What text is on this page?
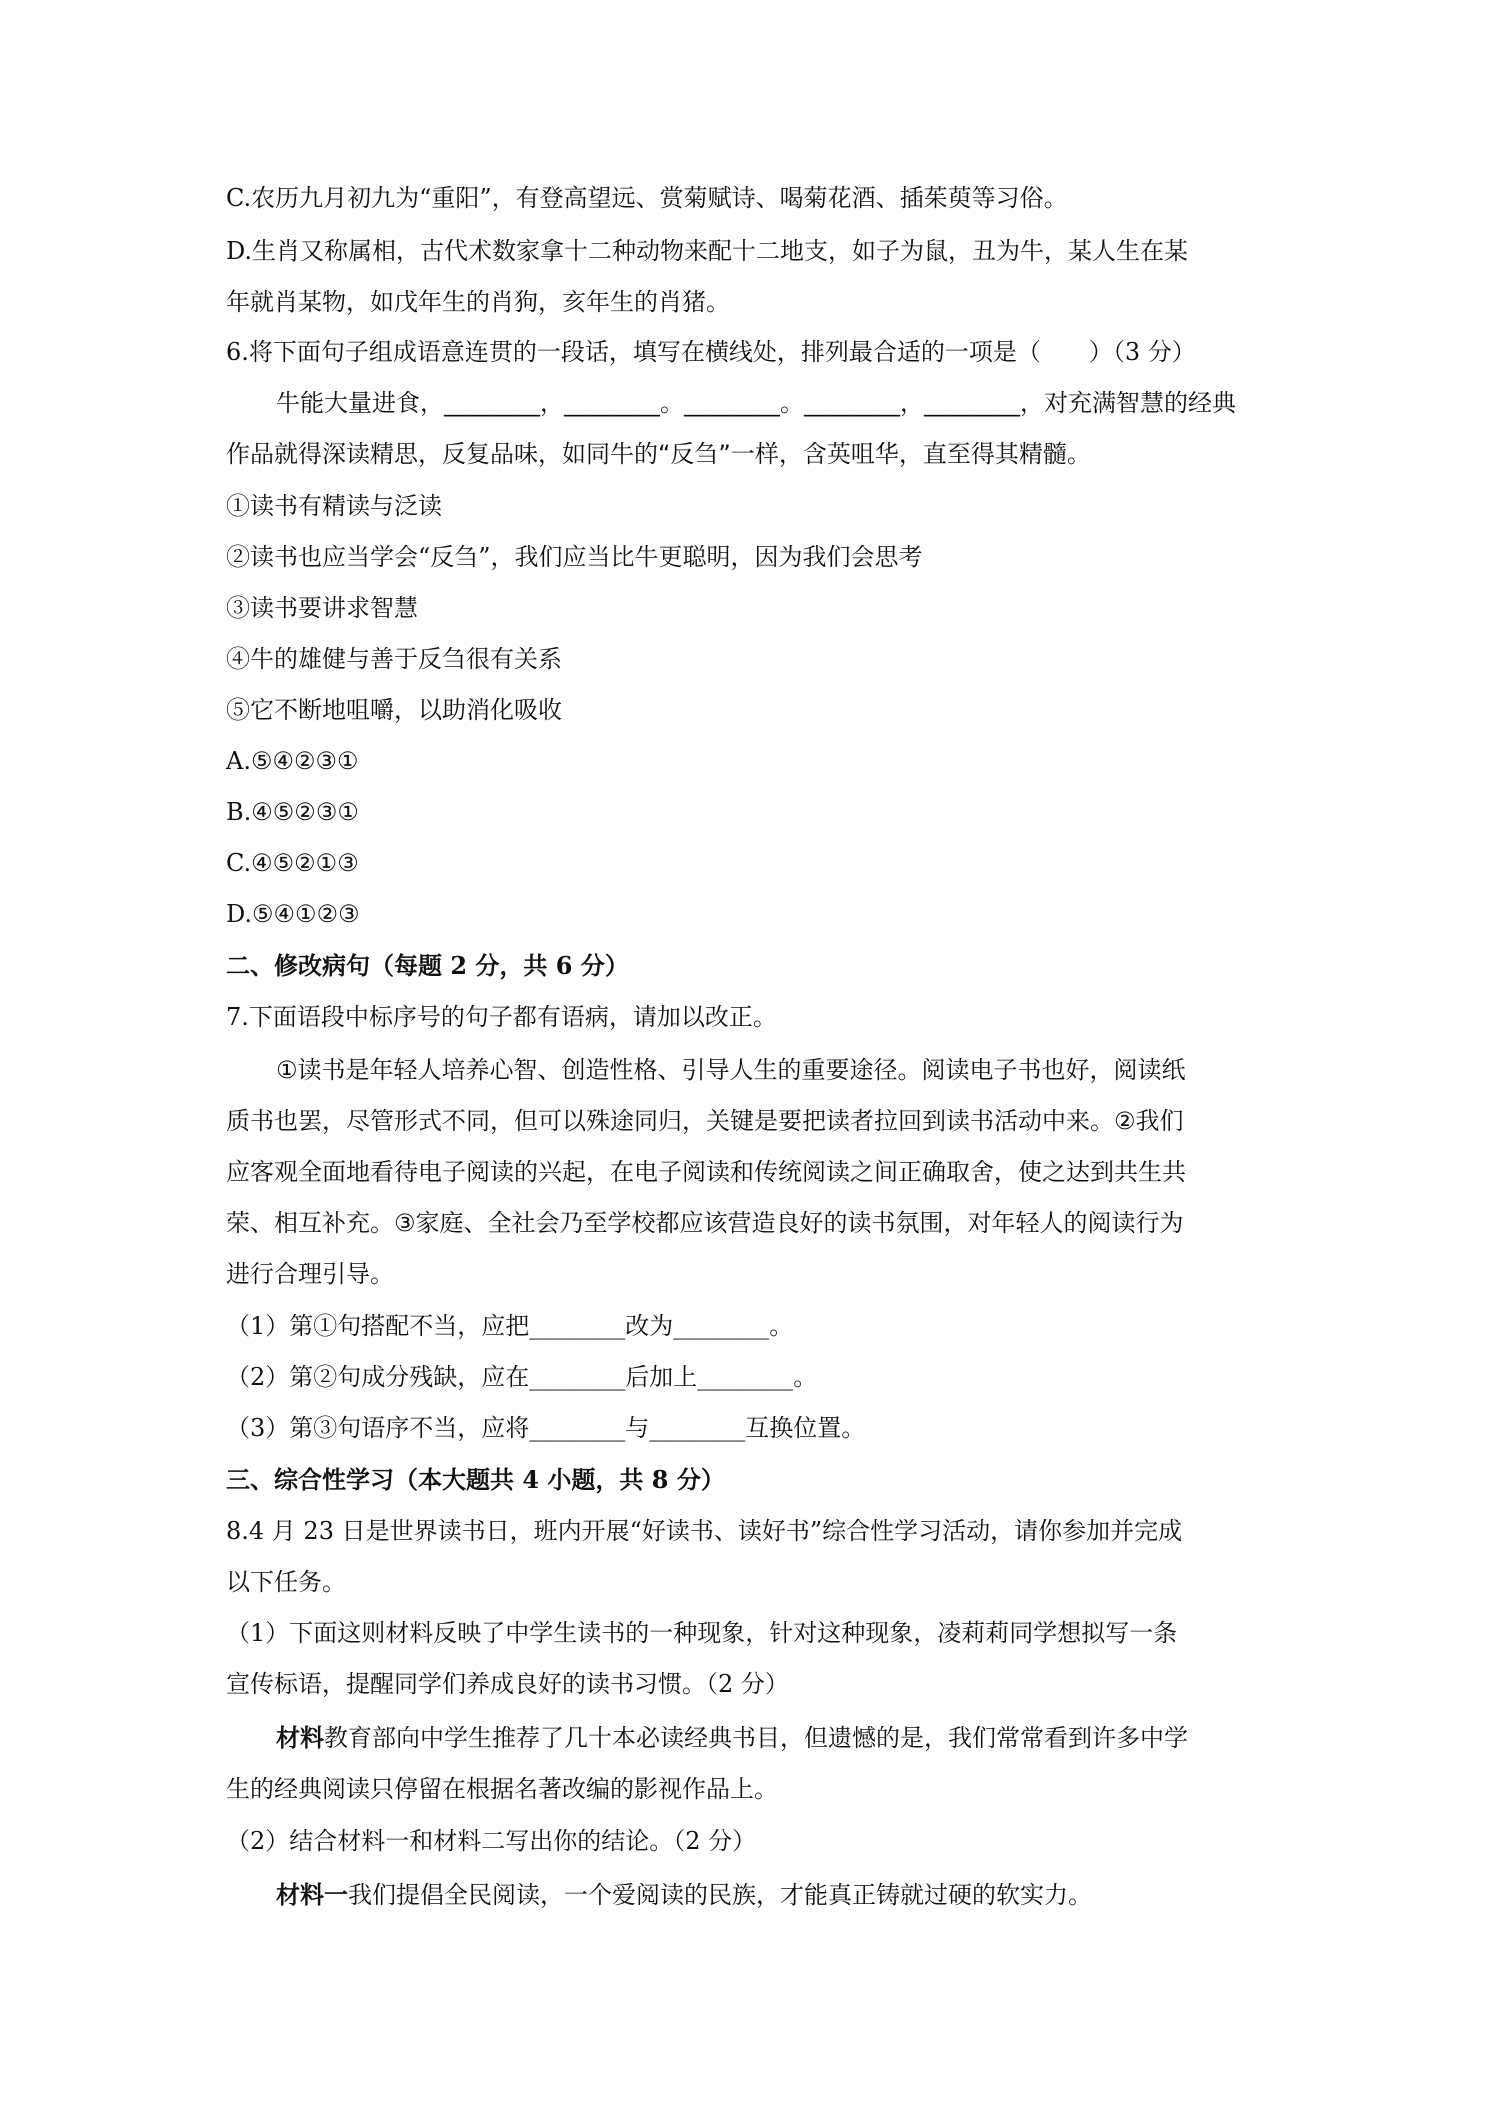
C.农历九月初九为“重阳”，有登高望远、赏菊赋诗、喝菊花酒、插茱萸等习俗。
D.生肖又称属相，古代术数家拿十二种动物来配十二地支，如子为鼠，丑为牛，某人生在某
年就肖某物，如戊年生的肖狗，亥年生的肖猪。
6.将下面句子组成语意连贯的一段话，填写在横线处，排列最合适的一项是（　　）（3 分）
牛能大量进食，________，________。________。________，________，对充满智慧的经典
作品就得深读精思，反复品味，如同牛的“反刍”一样，含英咀华，直至得其精髓。
①读书有精读与泛读
②读书也应当学会“反刍”，我们应当比牛更聪明，因为我们会思考
③读书要讲求智慧
④牛的雄健与善于反刍很有关系
⑤它不断地咀嚼，以助消化吸收
A.⑤④②③①
B.④⑤②③①
C.④⑤②①③
D.⑤④①②③
二、修改病句（每题 2 分，共 6 分）
7.下面语段中标序号的句子都有语病，请加以改正。
①读书是年轻人培养心智、创造性格、引导人生的重要途径。阅读电子书也好，阅读纸
质书也罢，尽管形式不同，但可以殊途同归，关键是要把读者拉回到读书活动中来。②我们
应客观全面地看待电子阅读的兴起，在电子阅读和传统阅读之间正确取舍，使之达到共生共
荣、相互补充。③家庭、全社会乃至学校都应该营造良好的读书氛围，对年轻人的阅读行为
进行合理引导。
（1）第①句搭配不当，应把________改为________。
（2）第②句成分残缺，应在________后加上________。
（3）第③句语序不当，应将________与________互换位置。
三、综合性学习（本大题共 4 小题，共 8 分）
8.4 月 23 日是世界读书日，班内开展“好读书、读好书”综合性学习活动，请你参加并完成
以下任务。
（1）下面这则材料反映了中学生读书的一种现象，针对这种现象，凌莉莉同学想拟写一条
宣传标语，提醒同学们养成良好的读书习惯。（2 分）
材料教育部向中学生推荐了几十本必读经典书目，但遗憾的是，我们常常看到许多中学
生的经典阅读只停留在根据名著改编的影视作品上。
（2）结合材料一和材料二写出你的结论。（2 分）
材料一我们提倡全民阅读，一个爱阅读的民族，才能真正铸就过硬的软实力。
